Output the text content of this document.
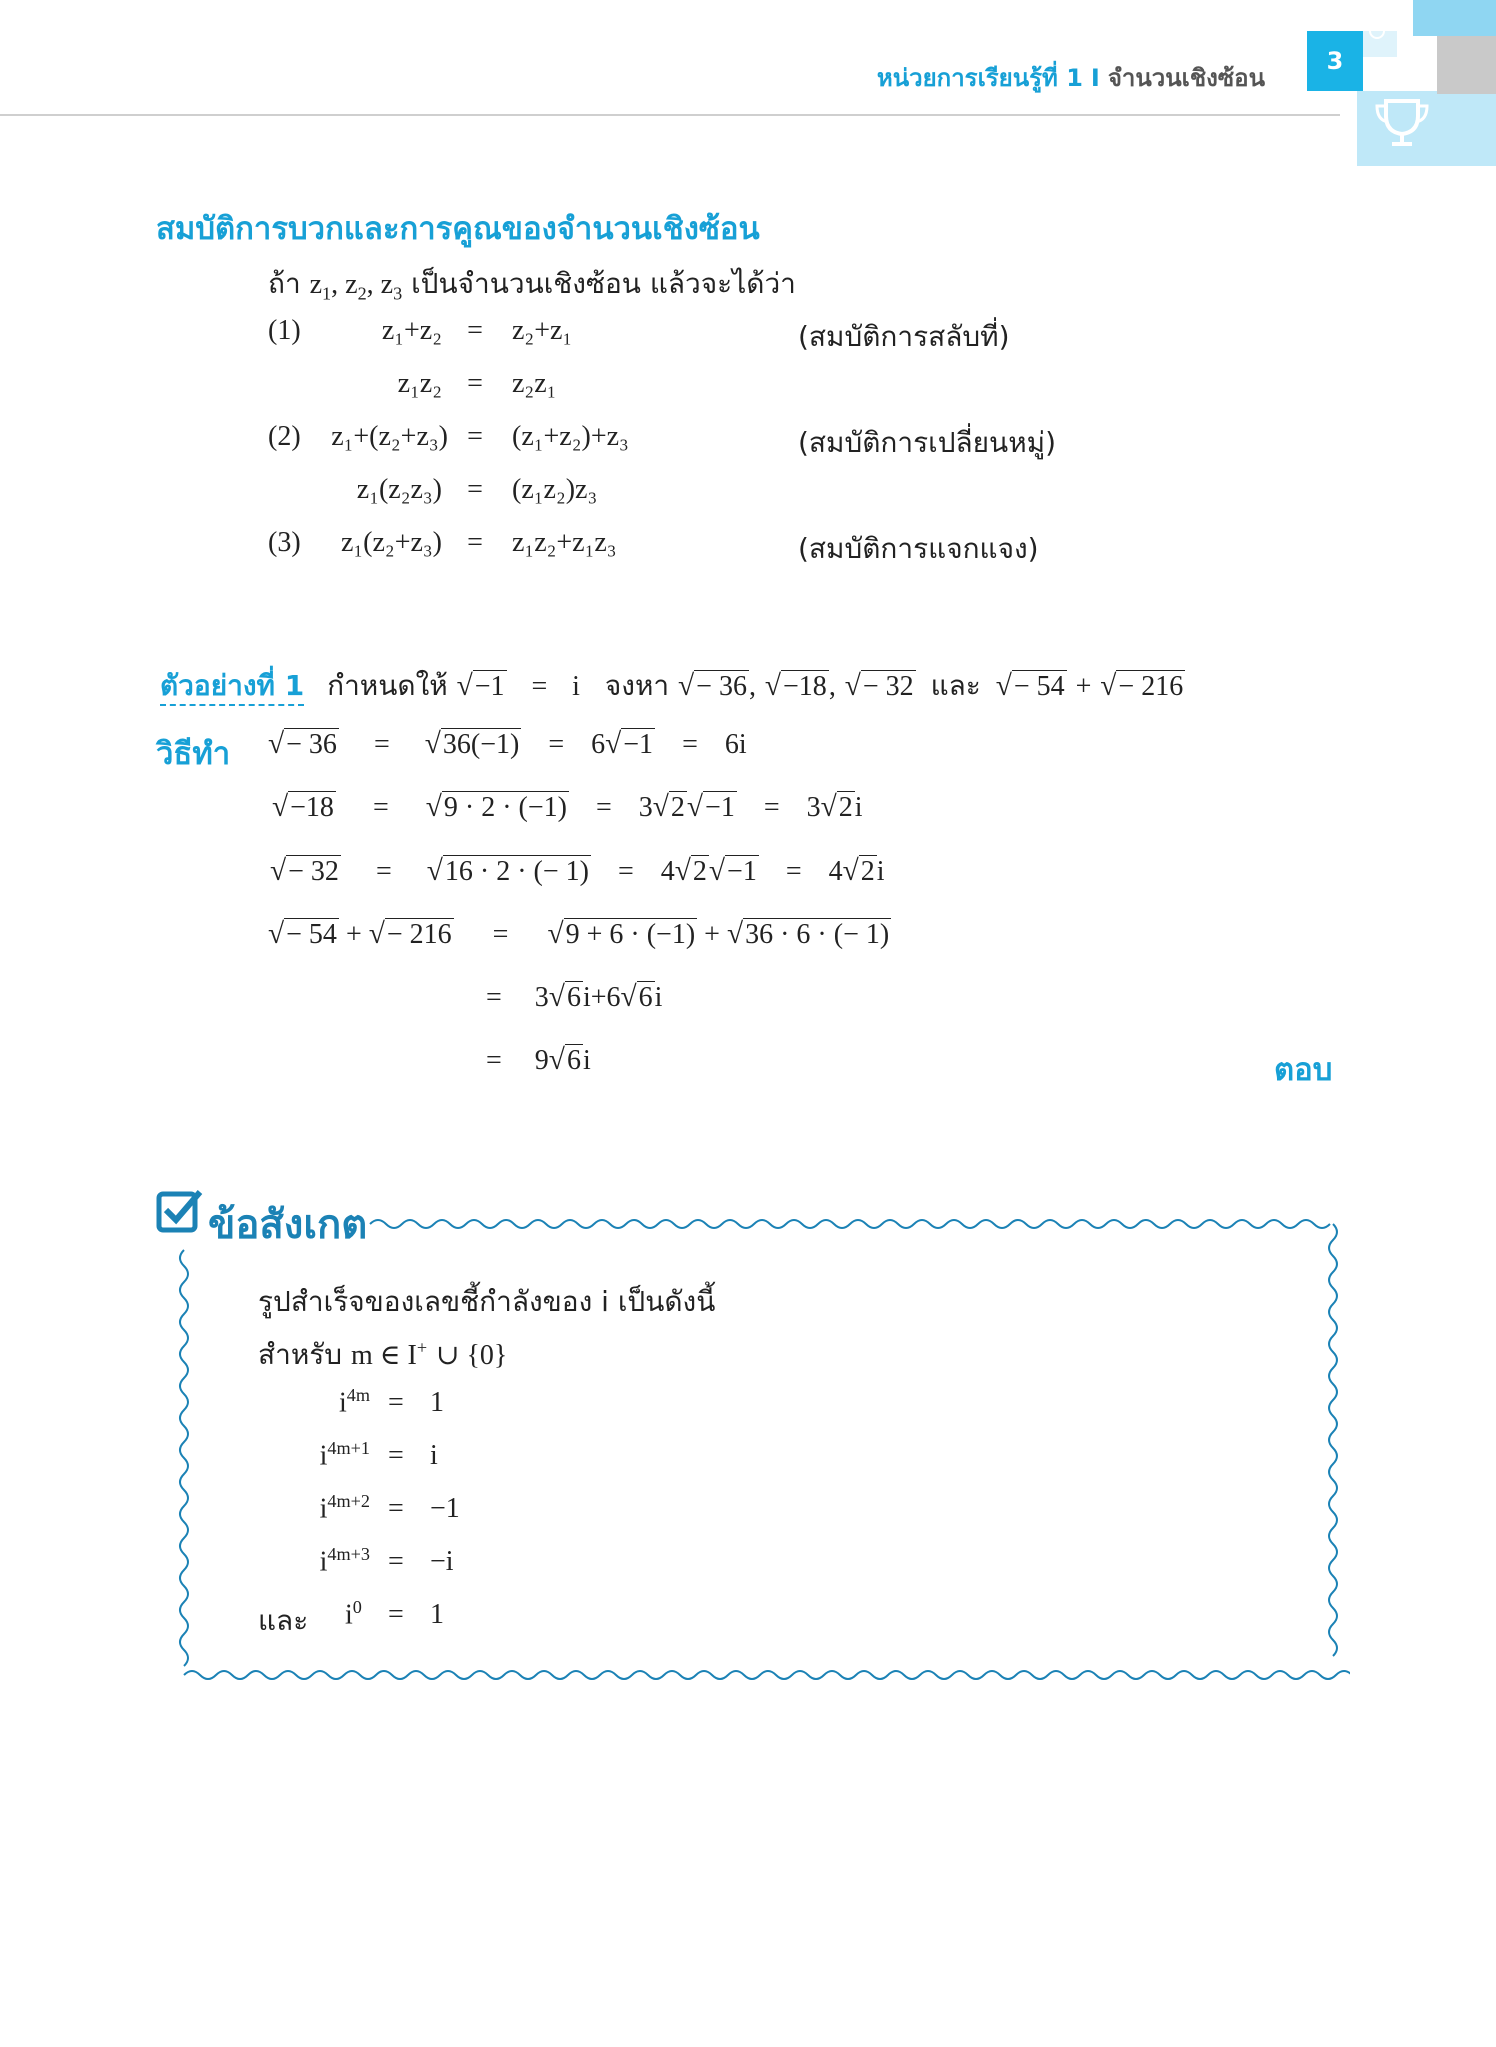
หน่วยการเรียนรู้ที่ 1 I จำนวนเชิงซ้อน
3
สมบัติการบวกและการคูณของจำนวนเชิงซ้อน
ถ้า $z_1$, $z_2$, $z_3$ เป็นจำนวนเชิงซ้อน แล้วจะได้ว่า
(1)	z₁+z₂ =	z₂+z₁	(สมบัติการสลับที่)
z₁z₂ =	z₂z₁
(2)	z₁+(z₂+z₃) =	(z₁+z₂)+z₃	(สมบัติการเปลี่ยนหมู่)
z₁(z₂z₃) =	(z₁z₂)z₃
(3)	z₁(z₂+z₃) =	z₁z₂+z₁z₃	(สมบัติการแจกแจง)
ตัวอย่างที่ 1 กำหนดให้ √−1 = i จงหา √− 36, √−18, √− 32 และ √− 54 + √− 216
วิธีทำ √− 36 = √36(−1) = 6√−1 = 6i
√−18 = √9 · 2 · (−1) = 3√2√−1 = 3√2i
√− 32 = √16 · 2 · (− 1) = 4√2√−1 = 4√2i
√− 54 + √− 216 = √9 + 6 · (−1) + √36 · 6 · (− 1)
= 3√6i+6√6i
= 9√6i	ตอบ
ข้อสังเกต
รูปสำเร็จของเลขชี้กำลังของ i เป็นดังนี้
สำหรับ m ∈ I+ ∪ {0}
$i^{4m} = 1$
$i^{4m+1} = i$
$i^{4m+2} = -1$
$i^{4m+3} = -i$
และ $i^0 = 1$
